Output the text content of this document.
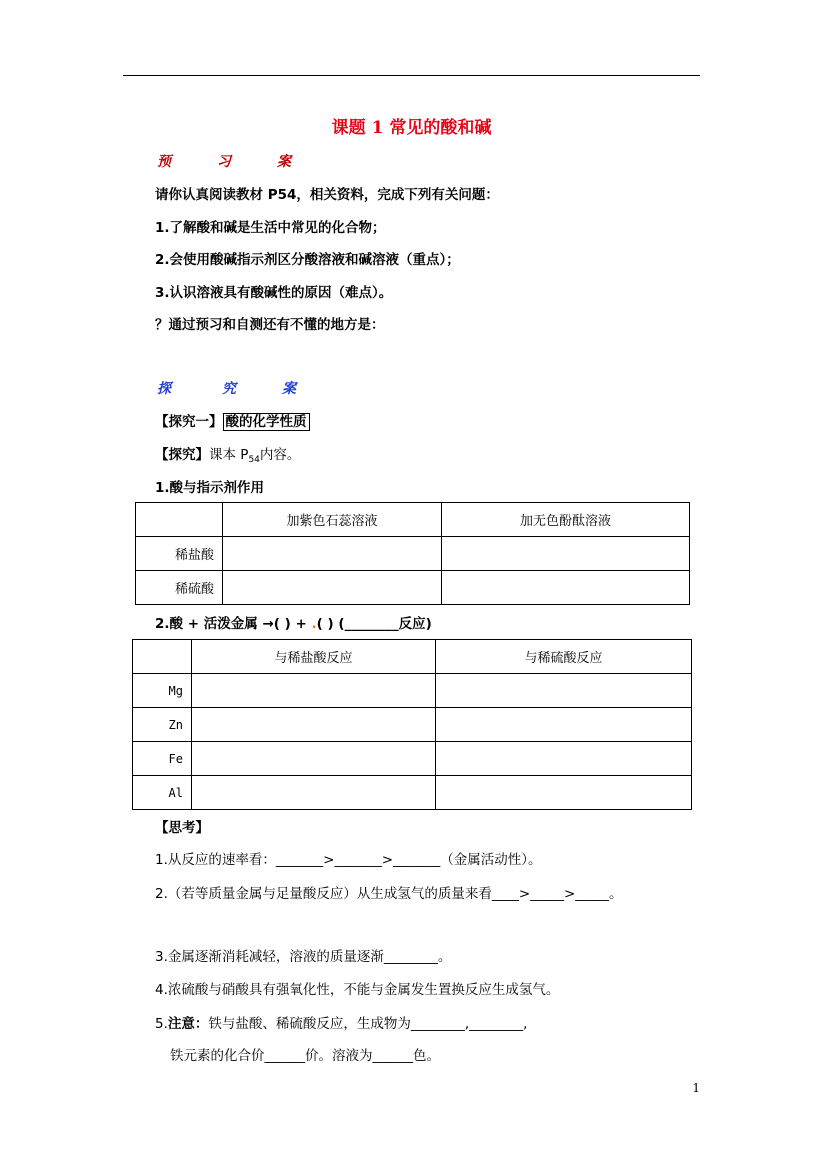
课题 1 常见的酸和碱
预	习	案
请你认真阅读教材 P54，相关资料，完成下列有关问题：
1.了解酸和碱是生活中常见的化合物；
2.会使用酸碱指示剂区分酸溶液和碱溶液（重点）；
3.认识溶液具有酸碱性的原因（难点）。
？通过预习和自测还有不懂的地方是：
探	究	案
【探究一】 酸的化学性质
【探究】课本 $P_{54}$内容。
1.酸与指示剂作用
	加紫色石蕊溶液	加无色酚酞溶液
稀盐酸		
稀硫酸		
2.酸 + 活泼金属 →( ) + .( ) (________反应)
	与稀盐酸反应	与稀硫酸反应
Mg		
Zn		
Fe		
Al		
【思考】
1.从反应的速率看：_______>_______>_______（金属活动性）。
2.（若等质量金属与足量酸反应）从生成氢气的质量来看____>_____>_____。
3.金属逐渐消耗减轻，溶液的质量逐渐________。
4.浓硫酸与硝酸具有强氧化性，不能与金属发生置换反应生成氢气。
5.注意：铁与盐酸、稀硫酸反应，生成物为________,________,
铁元素的化合价______价。溶液为______色。
1
